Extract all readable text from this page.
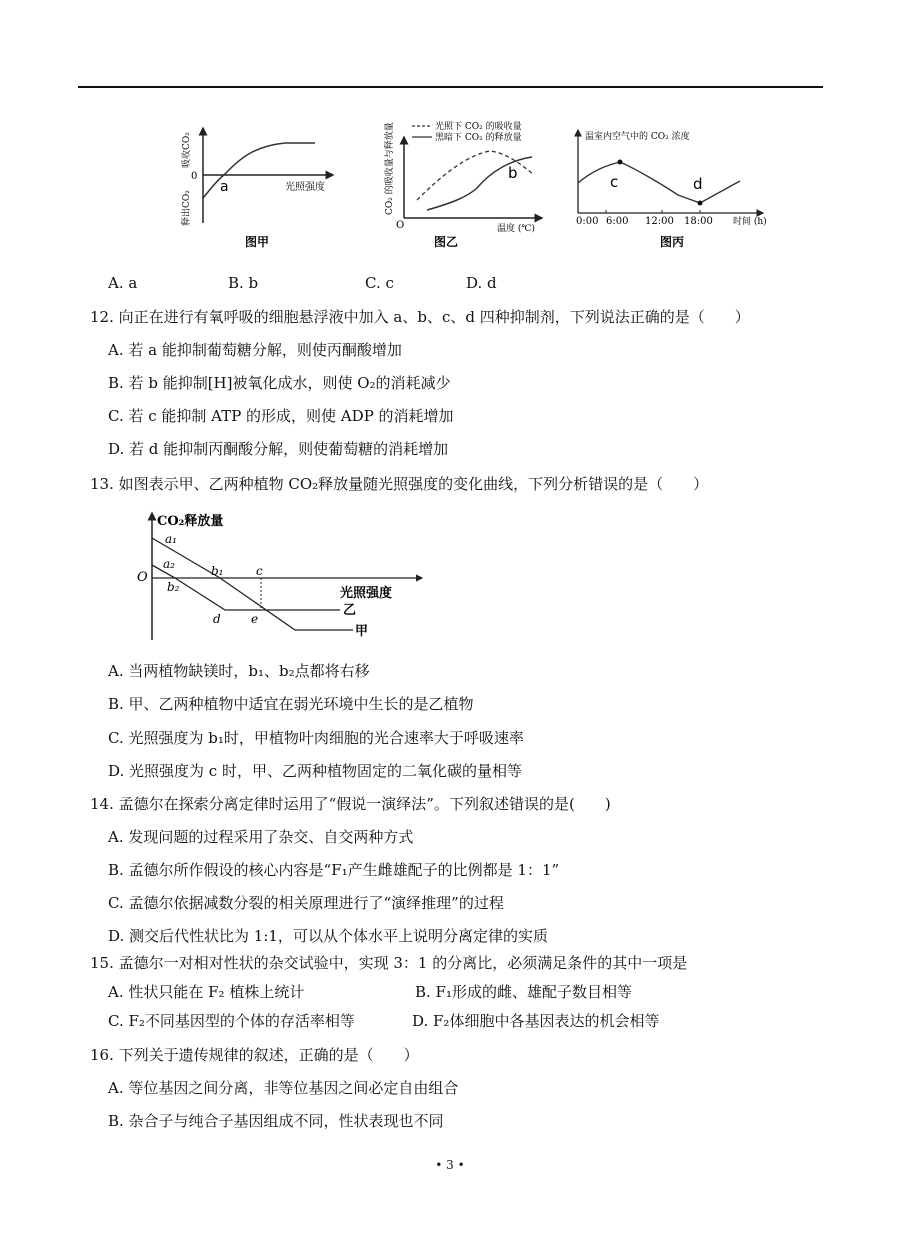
0
吸收CO₂
释出CO₂
a	光照强度
图甲
光照下 CO₂ 的吸收量
黑暗下 CO₂ 的释放量
CO₂ 的吸收量与释放量
O
b
温度 (℃)
图乙
温室内空气中的 CO₂ 浓度
c	d
0:00 6:00 12:00 18:00 时间 (h)
图丙
A. a	B. b	C. c	D. d
12. 向正在进行有氧呼吸的细胞悬浮液中加入 a、b、c、d 四种抑制剂，下列说法正确的是（　　）
A. 若 a 能抑制葡萄糖分解，则使丙酮酸增加
B. 若 b 能抑制[H]被氧化成水，则使 O₂的消耗减少
C. 若 c 能抑制 ATP 的形成，则使 ADP 的消耗增加
D. 若 d 能抑制丙酮酸分解，则使葡萄糖的消耗增加
13. 如图表示甲、乙两种植物 CO₂释放量随光照强度的变化曲线，下列分析错误的是（　　）
CO₂释放量
O
a₁
a₂	b₁
b₂
c
d	e
光照强度
乙
甲
A. 当两植物缺镁时，b₁、b₂点都将右移
B. 甲、乙两种植物中适宜在弱光环境中生长的是乙植物
C. 光照强度为 b₁时，甲植物叶肉细胞的光合速率大于呼吸速率
D. 光照强度为 c 时，甲、乙两种植物固定的二氧化碳的量相等
14. 孟德尔在探索分离定律时运用了“假说一演绎法”。下列叙述错误的是(　　)
A. 发现问题的过程采用了杂交、自交两种方式
B. 孟德尔所作假设的核心内容是“F₁产生雌雄配子的比例都是 1：1”
C. 孟德尔依据减数分裂的相关原理进行了“演绎推理”的过程
D. 测交后代性状比为 1:1，可以从个体水平上说明分离定律的实质
15. 孟德尔一对相对性状的杂交试验中，实现 3：1 的分离比，必须满足条件的其中一项是
A. 性状只能在 F₂ 植株上统计	B. F₁形成的雌、雄配子数目相等
C. F₂不同基因型的个体的存活率相等	D. F₂体细胞中各基因表达的机会相等
16. 下列关于遗传规律的叙述，正确的是（　　）
A. 等位基因之间分离，非等位基因之间必定自由组合
B. 杂合子与纯合子基因组成不同，性状表现也不同
• 3 •
